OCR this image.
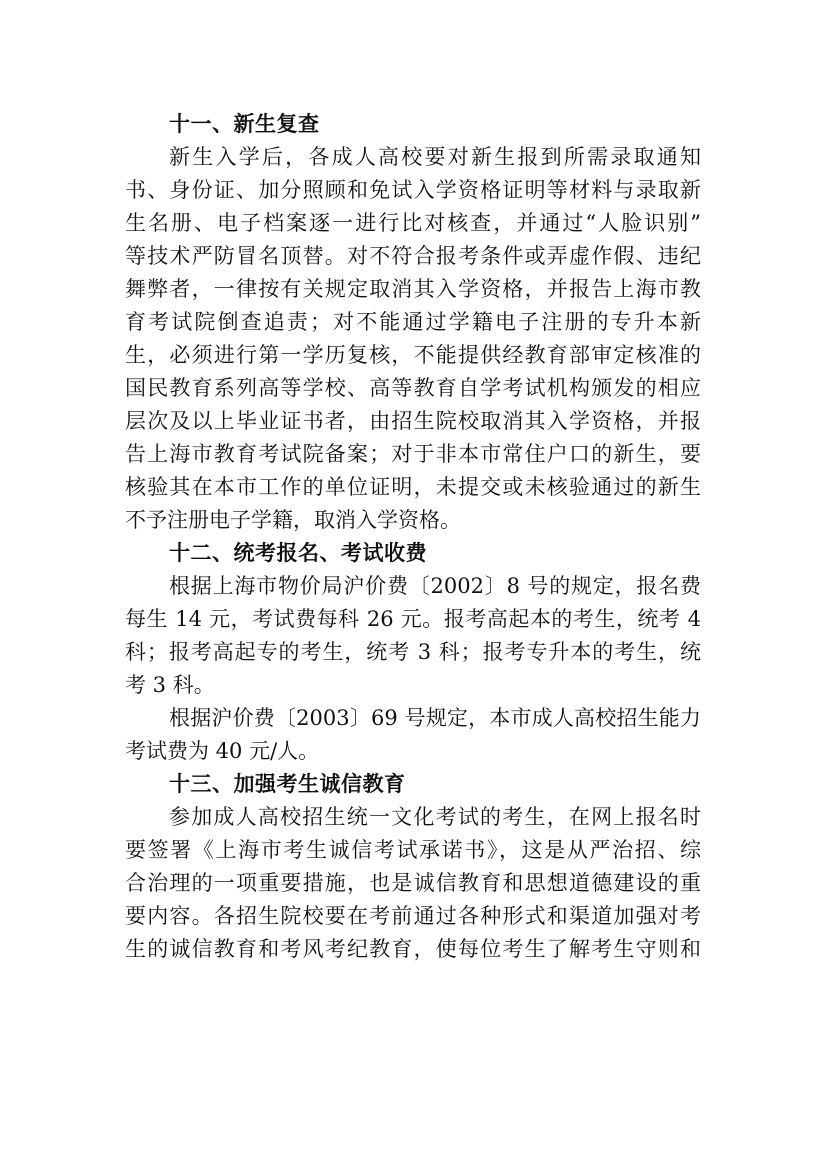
十一、新生复查

新生入学后，各成人高校要对新生报到所需录取通知

书、身份证、加分照顾和免试入学资格证明等材料与录取新

生名册、电子档案逐一进行比对核查，并通过“人脸识别”

等技术严防冒名顶替。对不符合报考条件或弄虚作假、违纪

舞弊者，一律按有关规定取消其入学资格，并报告上海市教

育考试院倒查追责；对不能通过学籍电子注册的专升本新

生，必须进行第一学历复核，不能提供经教育部审定核准的

国民教育系列高等学校、高等教育自学考试机构颁发的相应

层次及以上毕业证书者，由招生院校取消其入学资格，并报

告上海市教育考试院备案；对于非本市常住户口的新生，要

核验其在本市工作的单位证明，未提交或未核验通过的新生

不予注册电子学籍，取消入学资格。

十二、统考报名、考试收费

根据上海市物价局沪价费〔2002〕8 号的规定，报名费

每生 14 元，考试费每科 26 元。报考高起本的考生，统考 4

科；报考高起专的考生，统考 3 科；报考专升本的考生，统

考 3 科。

根据沪价费〔2003〕69 号规定，本市成人高校招生能力

考试费为 40 元/人。

十三、加强考生诚信教育

参加成人高校招生统一文化考试的考生，在网上报名时

要签署《上海市考生诚信考试承诺书》，这是从严治招、综

合治理的一项重要措施，也是诚信教育和思想道德建设的重

要内容。各招生院校要在考前通过各种形式和渠道加强对考

生的诚信教育和考风考纪教育，使每位考生了解考生守则和
